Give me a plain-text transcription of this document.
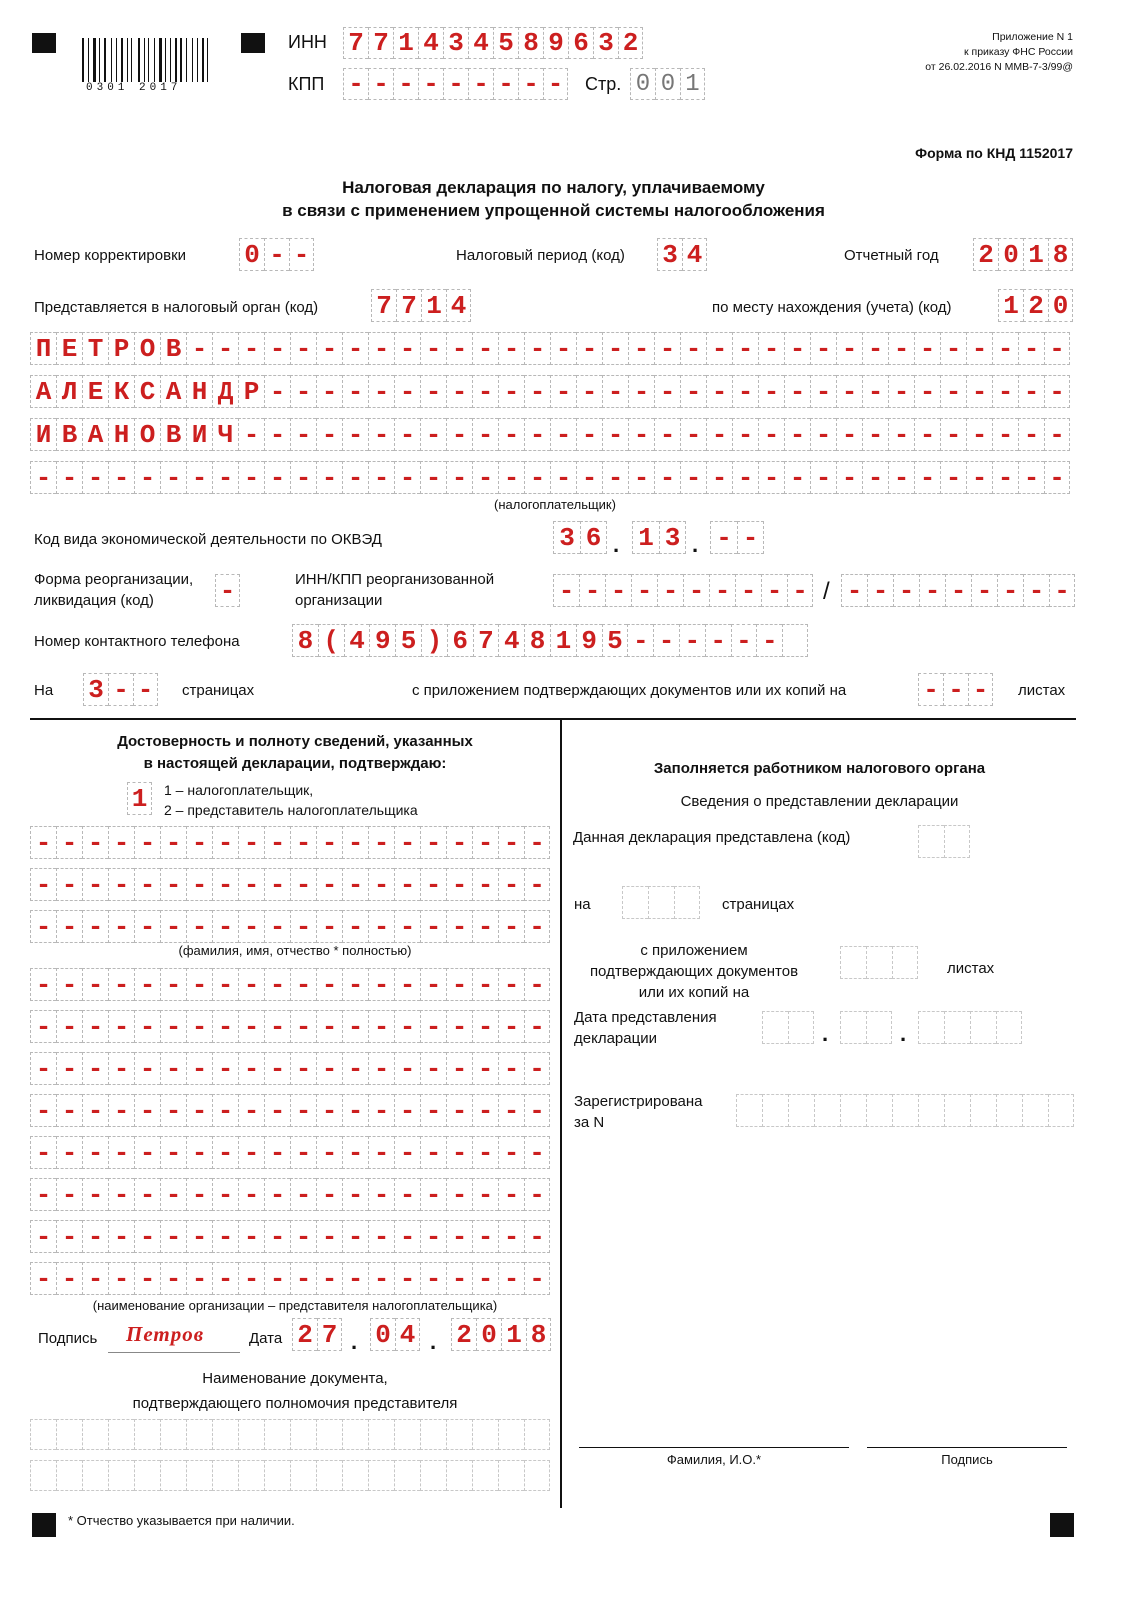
0301 2017
ИНН 7 7 1 4 3 4 5 8 9 6 3 2
КПП - - - - - - - - - Стр. 0 0 1
Приложение N 1
к приказу ФНС России
от 26.02.2016 N ММВ-7-3/99@
Форма по КНД 1152017
Налоговая декларация по налогу, уплачиваемому
в связи с применением упрощенной системы налогообложения
Номер корректировки 0 - -	Налоговый период (код) 3 4	Отчетный год 2 0 1 8
Представляется в налоговый орган (код) 7 7 1 4	по месту нахождения (учета) (код) 1 2 0
П Е Т Р О В - - - - - - - - - - - - - - - - - - - - - - - - - - - - - - - - - -
А Л Е К С А Н Д Р - - - - - - - - - - - - - - - - - - - - - - - - - - - - - - -
И В А Н О В И Ч - - - - - - - - - - - - - - - - - - - - - - - - - - - - - - - -
- - - - - - - - - - - - - - - - - - - - - - - - - - - - - - - - - - - - - - - -
(налогоплательщик)
Код вида экономической деятельности по ОКВЭД	3 6 . 1 3 . - -
Форма реорганизации,
ликвидация (код)	-	ИНН/КПП реорганизованной
организации	- - - - - - - - - - / - - - - - - - - -
Номер контактного телефона 8 ( 4 9 5 ) 6 7 4 8 1 9 5 - - - - - -
На 3 - -	страницах	с приложением подтверждающих документов или их копий на	- - -	листах
Достоверность и полноту сведений, указанных
в настоящей декларации, подтверждаю:
1	1 – налогоплательщик,
2 – представитель налогоплательщика
- - - - - - - - - - - - - - - - - - - -
- - - - - - - - - - - - - - - - - - - -
- - - - - - - - - - - - - - - - - - - -
(фамилия, имя, отчество * полностью)
- - - - - - - - - - - - - - - - - - - -
- - - - - - - - - - - - - - - - - - - -
- - - - - - - - - - - - - - - - - - - -
- - - - - - - - - - - - - - - - - - - -
- - - - - - - - - - - - - - - - - - - -
- - - - - - - - - - - - - - - - - - - -
- - - - - - - - - - - - - - - - - - - -
- - - - - - - - - - - - - - - - - - - -
(наименование организации – представителя налогоплательщика)
Подпись Петров	Дата 2 7 . 0 4 . 2 0 1 8
Наименование документа,
подтверждающего полномочия представителя
* Отчество указывается при наличии.
Заполняется работником налогового органа
Сведения о представлении декларации
Данная декларация представлена (код)
на	страницах
с приложением
подтверждающих документов
или их копий на
листах
Дата представления
декларации	.	.
Зарегистрирована
за N
Фамилия, И.О.*	Подпись
